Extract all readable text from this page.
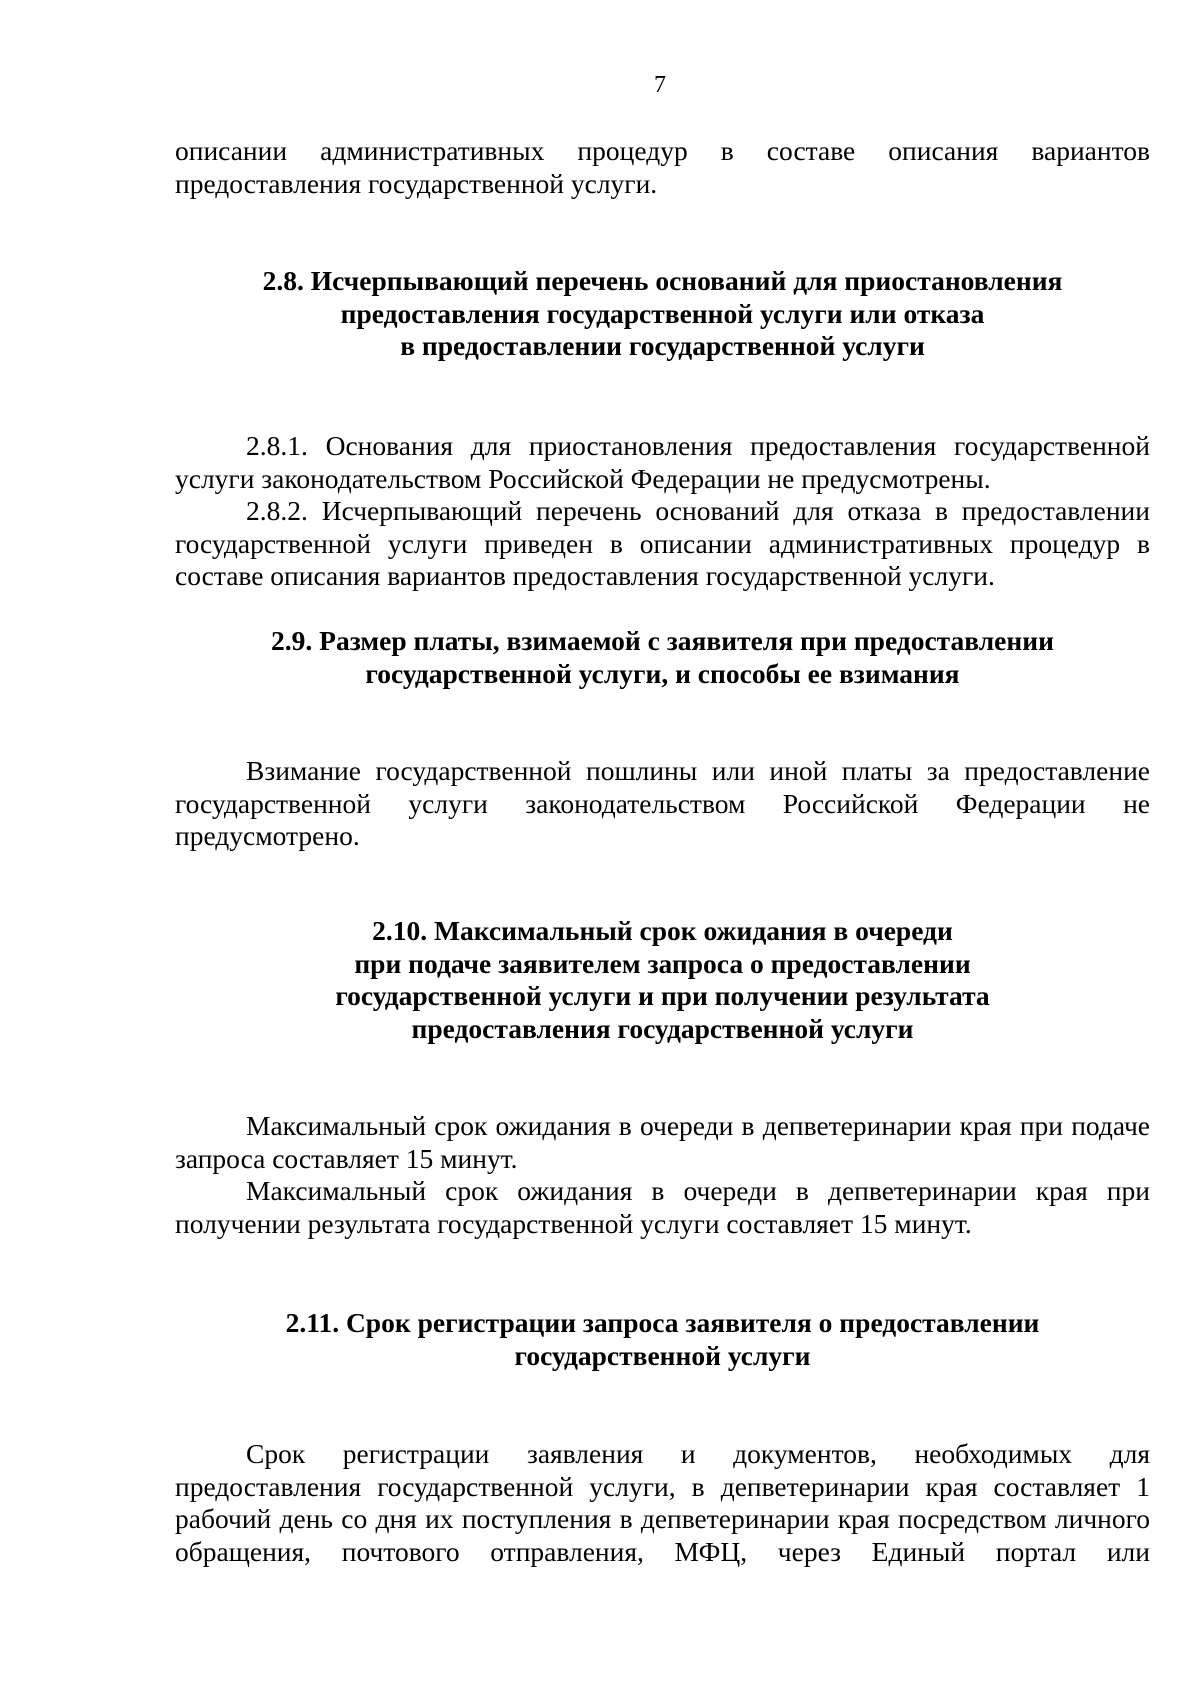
7

описании административных процедур в составе описания вариантов предоставления государственной услуги.

2.8. Исчерпывающий перечень оснований для приостановления
предоставления государственной услуги или отказа
в предоставлении государственной услуги

2.8.1. Основания для приостановления предоставления государственной услуги законодательством Российской Федерации не предусмотрены.

2.8.2. Исчерпывающий перечень оснований для отказа в предоставлении государственной услуги приведен в описании административных процедур в составе описания вариантов предоставления государственной услуги.

2.9. Размер платы, взимаемой с заявителя при предоставлении
государственной услуги, и способы ее взимания

Взимание государственной пошлины или иной платы за предоставление государственной услуги законодательством Российской Федерации не предусмотрено.

2.10. Максимальный срок ожидания в очереди
при подаче заявителем запроса о предоставлении
государственной услуги и при получении результата
предоставления государственной услуги

Максимальный срок ожидания в очереди в депветеринарии края при подаче запроса составляет 15 минут.

Максимальный срок ожидания в очереди в депветеринарии края при получении результата государственной услуги составляет 15 минут.

2.11. Срок регистрации запроса заявителя о предоставлении
государственной услуги

Срок регистрации заявления и документов, необходимых для предоставления государственной услуги, в депветеринарии края составляет 1 рабочий день со дня их поступления в депветеринарии края посредством личного обращения, почтового отправления, МФЦ, через Единый портал или
